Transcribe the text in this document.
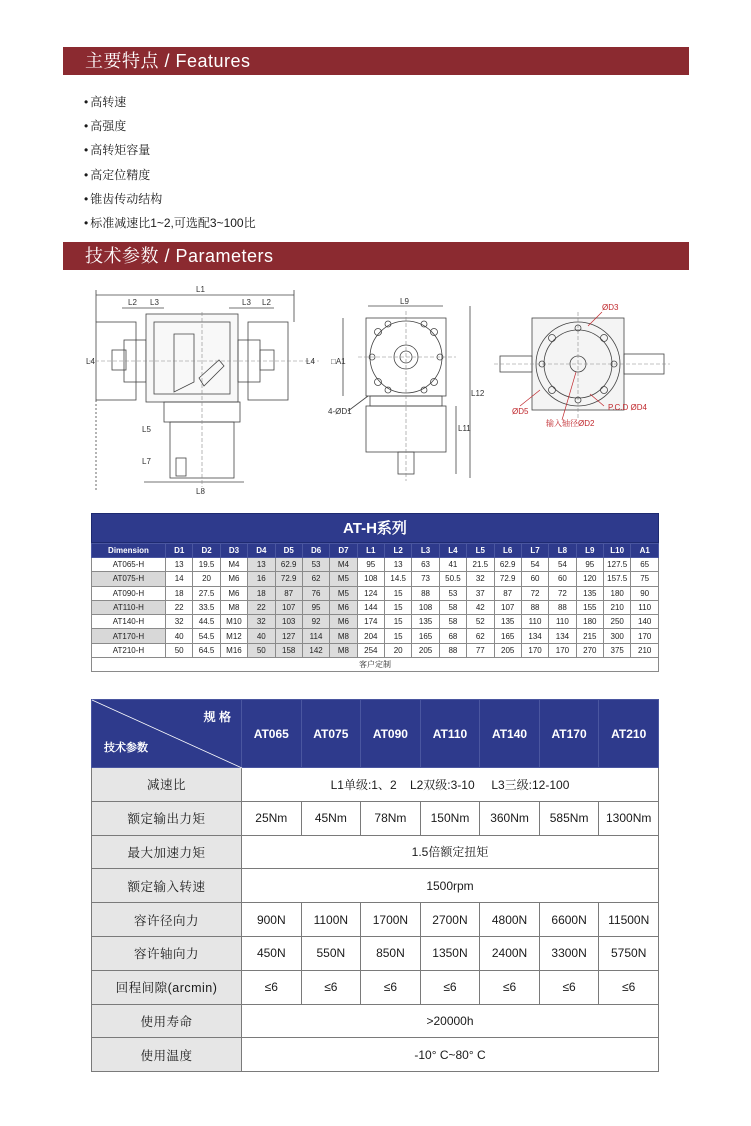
主要特点 / Features
• 高转速
• 高强度
• 高转矩容量
• 高定位精度
• 锥齿传动结构
• 标准减速比1~2,可选配3~100比
技术参数 / Parameters
L1
L2 L3	L3 L2
L4	L4
L5
L7
L8
L9
□A1
4-ØD1
L11
L12
ØD3
P.C.D ØD4
ØD5
输入轴径ØD2
AT-H系列
Dimension	D1	D2	D3	D4	D5	D6	D7	L1	L2	L3	L4	L5	L6	L7	L8	L9	L10	A1
AT065-H	13	19.5	M4	13	62.9	53	M4	95	13	63	41	21.5	62.9	54	54	95	127.5	65
AT075-H	14	20	M6	16	72.9	62	M5	108	14.5	73	50.5	32	72.9	60	60	120	157.5	75
AT090-H	18	27.5	M6	18	87	76	M5	124	15	88	53	37	87	72	72	135	180	90
AT110-H	22	33.5	M8	22	107	95	M6	144	15	108	58	42	107	88	88	155	210	110
AT140-H	32	44.5	M10	32	103	92	M6	174	15	135	58	52	135	110	110	180	250	140
AT170-H	40	54.5	M12	40	127	114	M8	204	15	165	68	62	165	134	134	215	300	170
AT210-H	50	64.5	M16	50	158	142	M8	254	20	205	88	77	205	170	170	270	375	210
客户定制																		
规 格
技术参数	AT065	AT075	AT090	AT110	AT140	AT170	AT210
减速比	L1单级:1、2    L2双级:3-10     L3三级:12-100						
额定输出力矩	25Nm	45Nm	78Nm	150Nm	360Nm	585Nm	1300Nm
最大加速力矩	1.5倍额定扭矩						
额定输入转速	1500rpm						
容许径向力	900N	1100N	1700N	2700N	4800N	6600N	11500N
容许轴向力	450N	550N	850N	1350N	2400N	3300N	5750N
回程间隙(arcmin)	≤6	≤6	≤6	≤6	≤6	≤6	≤6
使用寿命	>20000h						
使用温度	-10° C~80° C						
